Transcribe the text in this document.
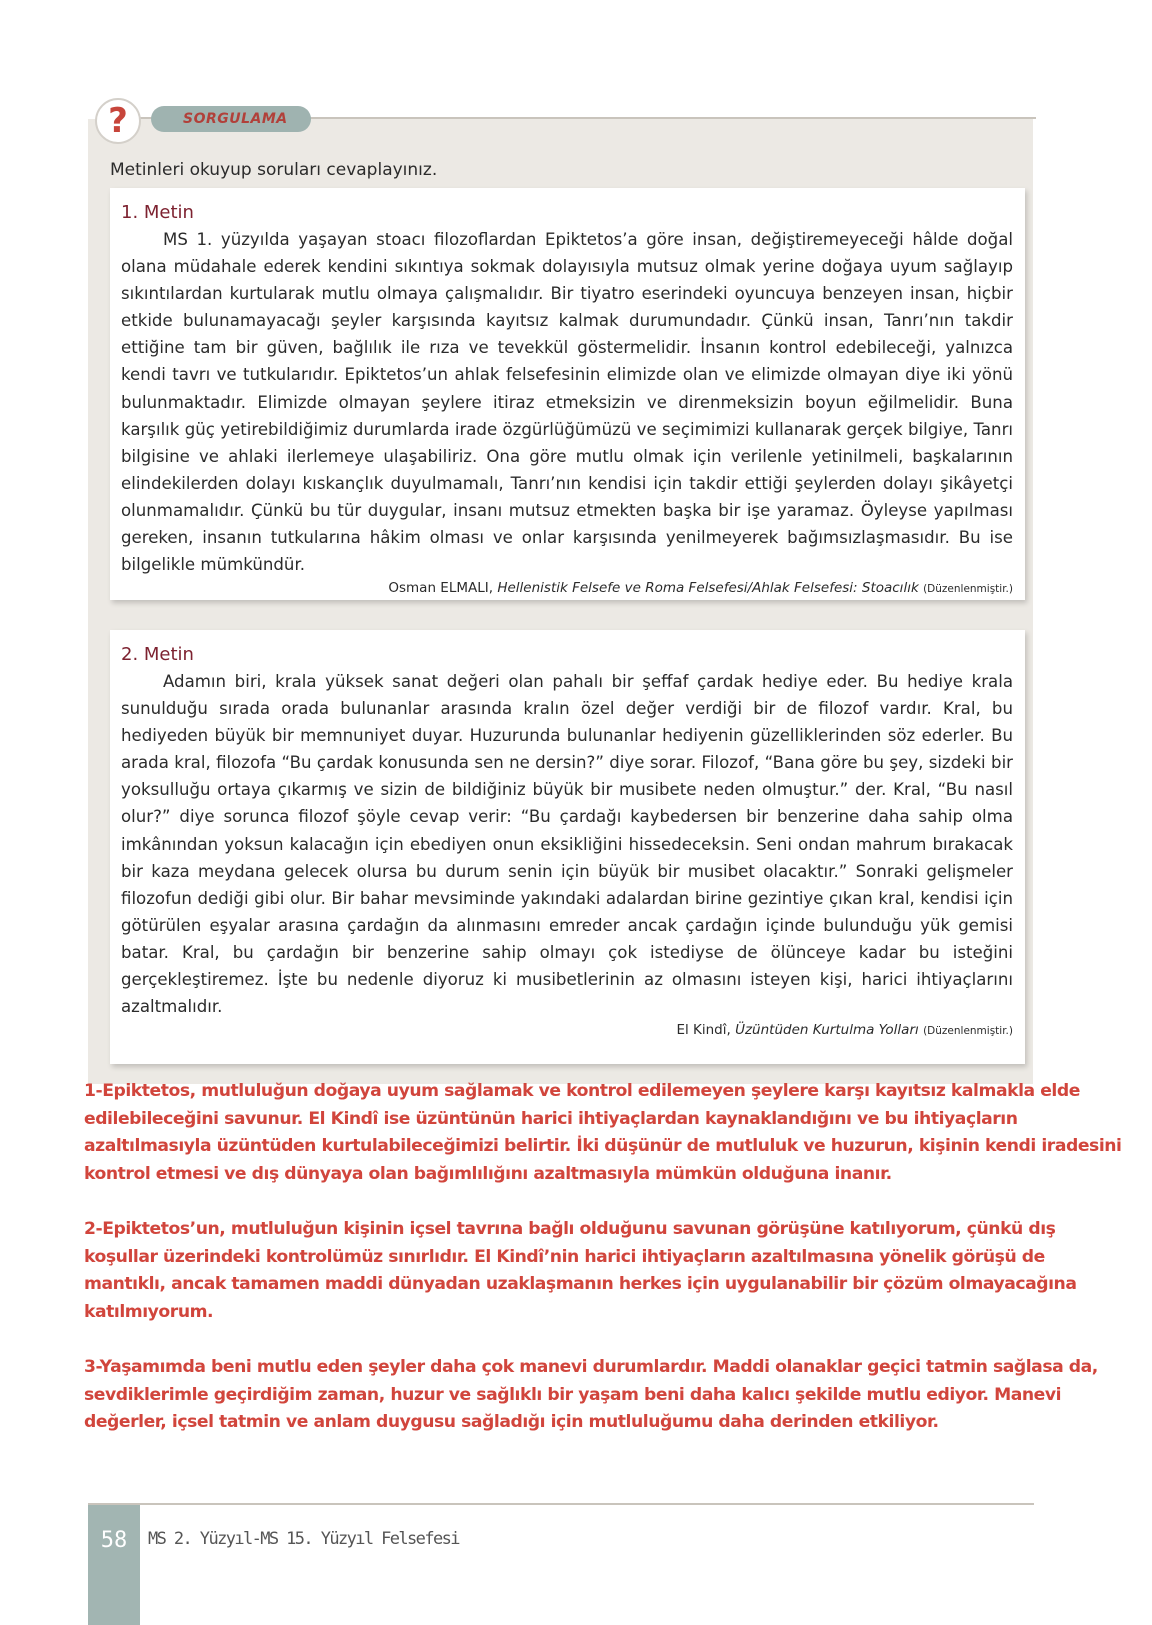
?	SORGULAMA
Metinleri okuyup soruları cevaplayınız.
1. Metin

MS 1. yüzyılda yaşayan stoacı filozoflardan Epiktetos’a göre insan, değiştiremeyeceği hâlde doğal olana müdahale ederek kendini sıkıntıya sokmak dolayısıyla mutsuz olmak yerine doğaya uyum sağlayıp sıkıntılardan kurtularak mutlu olmaya çalışmalıdır. Bir tiyatro eserindeki oyuncuya benzeyen insan, hiçbir etkide bulunamayacağı şeyler karşısında kayıtsız kalmak durumundadır. Çünkü insan, Tanrı’nın takdir ettiğine tam bir güven, bağlılık ile rıza ve tevekkül göstermelidir. İnsanın kontrol edebileceği, yalnızca kendi tavrı ve tutkularıdır. Epiktetos’un ahlak felsefesinin elimizde olan ve elimizde olmayan diye iki yönü bulunmaktadır. Elimizde olmayan şeylere itiraz etmeksizin ve direnmeksizin boyun eğilmelidir. Buna karşılık güç yetirebildiğimiz durumlarda irade özgürlüğümüzü ve seçimimizi kullanarak gerçek bilgiye, Tanrı bilgisine ve ahlaki ilerlemeye ulaşabiliriz. Ona göre mutlu olmak için verilenle yetinilmeli, başkalarının elindekilerden dolayı kıskançlık duyulmamalı, Tanrı’nın kendisi için takdir ettiği şeylerden dolayı şikâyetçi olunmamalıdır. Çünkü bu tür duygular, insanı mutsuz etmekten başka bir işe yaramaz. Öyleyse yapılması gereken, insanın tutkularına hâkim olması ve onlar karşısında yenilmeyerek bağımsızlaşmasıdır. Bu ise bilgelikle mümkündür.

Osman ELMALI, Hellenistik Felsefe ve Roma Felsefesi/Ahlak Felsefesi: Stoacılık (Düzenlenmiştir.)
2. Metin

Adamın biri, krala yüksek sanat değeri olan pahalı bir şeffaf çardak hediye eder. Bu hediye krala sunulduğu sırada orada bulunanlar arasında kralın özel değer verdiği bir de filozof vardır. Kral, bu hediyeden büyük bir memnuniyet duyar. Huzurunda bulunanlar hediyenin güzelliklerinden söz ederler. Bu arada kral, filozofa “Bu çardak konusunda sen ne dersin?” diye sorar. Filozof, “Bana göre bu şey, sizdeki bir yoksulluğu ortaya çıkarmış ve sizin de bildiğiniz büyük bir musibete neden olmuştur.” der. Kral, “Bu nasıl olur?” diye sorunca filozof şöyle cevap verir: “Bu çardağı kaybedersen bir benzerine daha sahip olma imkânından yoksun kalacağın için ebediyen onun eksikliğini hissedeceksin. Seni ondan mahrum bırakacak bir kaza meydana gelecek olursa bu durum senin için büyük bir musibet olacaktır.” Sonraki gelişmeler filozofun dediği gibi olur. Bir bahar mevsiminde yakındaki adalardan birine gezintiye çıkan kral, kendisi için götürülen eşyalar arasına çardağın da alınmasını emreder ancak çardağın içinde bulunduğu yük gemisi batar. Kral, bu çardağın bir benzerine sahip olmayı çok istediyse de ölünceye kadar bu isteğini gerçekleştiremez. İşte bu nedenle diyoruz ki musibetlerinin az olmasını isteyen kişi, harici ihtiyaçlarını azaltmalıdır.

El Kindî, Üzüntüden Kurtulma Yolları (Düzenlenmiştir.)

1-Epiktetos, mutluluğun doğaya uyum sağlamak ve kontrol edilemeyen şeylere karşı kayıtsız kalmakla elde edilebileceğini savunur. El Kindî ise üzüntünün harici ihtiyaçlardan kaynaklandığını ve bu ihtiyaçların azaltılmasıyla üzüntüden kurtulabileceğimizi belirtir. İki düşünür de mutluluk ve huzurun, kişinin kendi iradesini kontrol etmesi ve dış dünyaya olan bağımlılığını azaltmasıyla mümkün olduğuna inanır.

2-Epiktetos’un, mutluluğun kişinin içsel tavrına bağlı olduğunu savunan görüşüne katılıyorum, çünkü dış koşullar üzerindeki kontrolümüz sınırlıdır. El Kindî’nin harici ihtiyaçların azaltılmasına yönelik görüşü de mantıklı, ancak tamamen maddi dünyadan uzaklaşmanın herkes için uygulanabilir bir çözüm olmayacağına katılmıyorum.

3-Yaşamımda beni mutlu eden şeyler daha çok manevi durumlardır. Maddi olanaklar geçici tatmin sağlasa da, sevdiklerimle geçirdiğim zaman, huzur ve sağlıklı bir yaşam beni daha kalıcı şekilde mutlu ediyor. Manevi değerler, içsel tatmin ve anlam duygusu sağladığı için mutluluğumu daha derinden etkiliyor.

58	MS 2. Yüzyıl-MS 15. Yüzyıl Felsefesi
